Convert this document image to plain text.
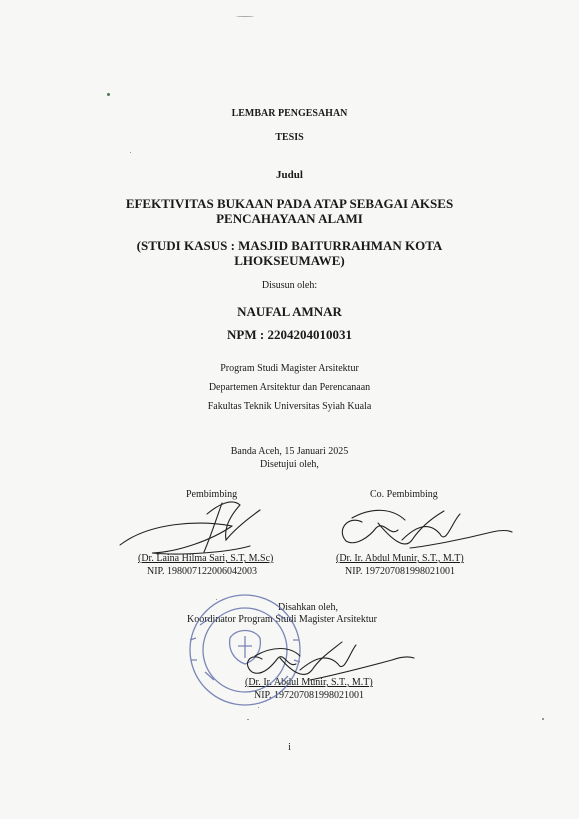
LEMBAR PENGESAHAN
TESIS
Judul
EFEKTIVITAS BUKAAN PADA ATAP SEBAGAI AKSES
PENCAHAYAAN ALAMI
(STUDI KASUS : MASJID BAITURRAHMAN KOTA
LHOKSEUMAWE)
Disusun oleh:
NAUFAL AMNAR
NPM : 2204204010031
Program Studi Magister Arsitektur
Departemen Arsitektur dan Perencanaan
Fakultas Teknik Universitas Syiah Kuala
Banda Aceh, 15 Januari 2025
Disetujui oleh,
Pembimbing
(Dr. Laina Hilma Sari, S.T, M.Sc)
NIP. 198007122006042003
Co. Pembimbing
(Dr. Ir. Abdul Munir, S.T., M.T)
NIP. 197207081998021001
Disahkan oleh,
Koordinator Program Studi Magister Arsitektur
(Dr. Ir. Abdul Munir, S.T., M.T)
NIP. 197207081998021001
i
